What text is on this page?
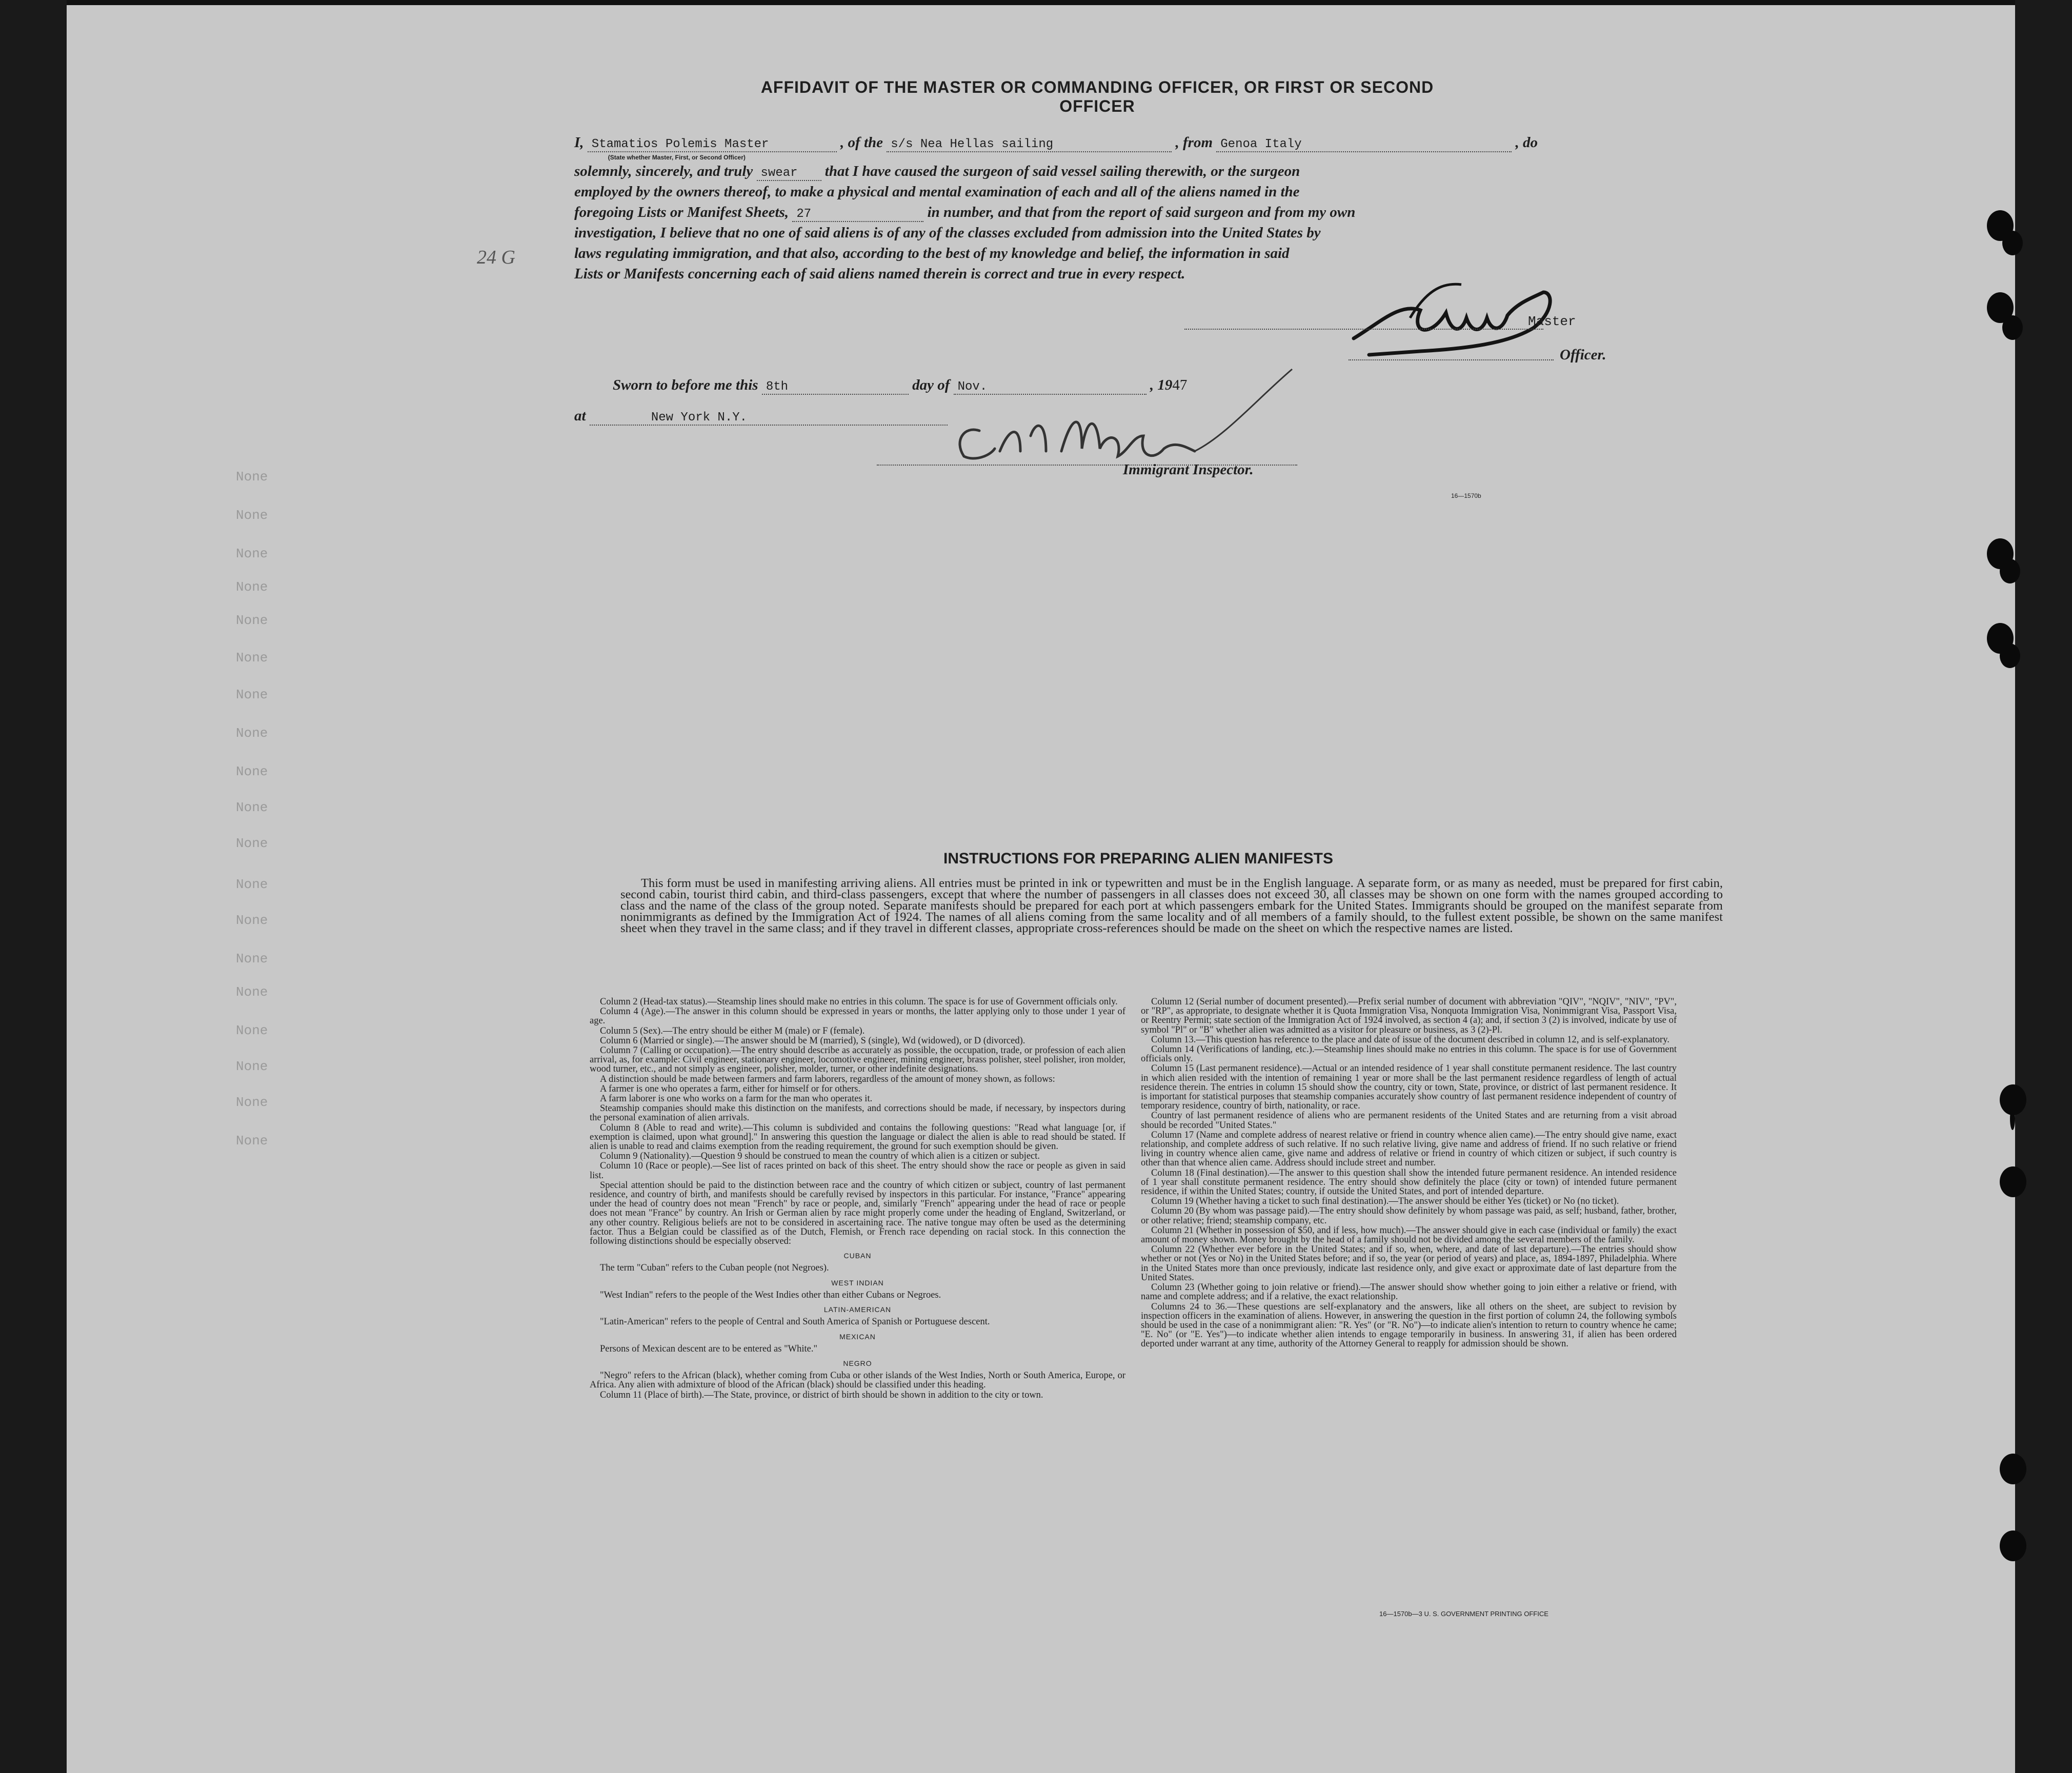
AFFIDAVIT OF THE MASTER OR COMMANDING OFFICER, OR FIRST OR SECOND OFFICER
I, Stamatios Polemis Master
(State whether Master, First, or Second Officer)
, of the s/s Nea Hellas sailing	, from Genoa Italy	, do
solemnly, sincerely, and truly swear that I have caused the surgeon of said vessel sailing therewith, or the surgeon
employed by the owners thereof, to make a physical and mental examination of each and all of the aliens named in the
foregoing Lists or Manifest Sheets, 27	in number, and that from the report of said surgeon and from my own
investigation, I believe that no one of said aliens is of any of the classes excluded from admission into the United States by
laws regulating immigration, and that also, according to the best of my knowledge and belief, the information in said
Lists or Manifests concerning each of said aliens named therein is correct and true in every respect.
24 G
Master
Officer.
Sworn to before me this 8th	day of Nov.	, 1947
at	New York N.Y.
Immigrant Inspector.
16—1570b
None
None
None
None
None
None
None
None
None
None
None
None
None
None
None
None
None
None
None
INSTRUCTIONS FOR PREPARING ALIEN MANIFESTS
This form must be used in manifesting arriving aliens. All entries must be printed in ink or typewritten and must be in the English language. A separate form, or as many as needed, must be prepared for first cabin, second cabin, tourist third cabin, and third-class passengers, except that where the number of passengers in all classes does not exceed 30, all classes may be shown on one form with the names grouped according to class and the name of the class of the group noted. Separate manifests should be prepared for each port at which passengers embark for the United States. Immigrants should be grouped on the manifest separate from nonimmigrants as defined by the Immigration Act of 1924. The names of all aliens coming from the same locality and of all members of a family should, to the fullest extent possible, be shown on the same manifest sheet when they travel in the same class; and if they travel in different classes, appropriate cross-references should be made on the sheet on which the respective names are listed.

Column 2 (Head-tax status).—Steamship lines should make no entries in this column. The space is for use of Government officials only.

Column 4 (Age).—The answer in this column should be expressed in years or months, the latter applying only to those under 1 year of age.

Column 5 (Sex).—The entry should be either M (male) or F (female).

Column 6 (Married or single).—The answer should be M (married), S (single), Wd (widowed), or D (divorced).

Column 7 (Calling or occupation).—The entry should describe as accurately as possible, the occupation, trade, or profession of each alien arrival, as, for example: Civil engineer, stationary engineer, locomotive engineer, mining engineer, brass polisher, steel polisher, iron molder, wood turner, etc., and not simply as engineer, polisher, molder, turner, or other indefinite designations.

A distinction should be made between farmers and farm laborers, regardless of the amount of money shown, as follows:

A farmer is one who operates a farm, either for himself or for others.

A farm laborer is one who works on a farm for the man who operates it.

Steamship companies should make this distinction on the manifests, and corrections should be made, if necessary, by inspectors during the personal examination of alien arrivals.

Column 8 (Able to read and write).—This column is subdivided and contains the following questions: "Read what language [or, if exemption is claimed, upon what ground]." In answering this question the language or dialect the alien is able to read should be stated. If alien is unable to read and claims exemption from the reading requirement, the ground for such exemption should be given.

Column 9 (Nationality).—Question 9 should be construed to mean the country of which alien is a citizen or subject.

Column 10 (Race or people).—See list of races printed on back of this sheet. The entry should show the race or people as given in said list.

Special attention should be paid to the distinction between race and the country of which citizen or subject, country of last permanent residence, and country of birth, and manifests should be carefully revised by inspectors in this particular. For instance, "France" appearing under the head of country does not mean "French" by race or people, and, similarly "French" appearing under the head of race or people does not mean "France" by country. An Irish or German alien by race might properly come under the heading of England, Switzerland, or any other country. Religious beliefs are not to be considered in ascertaining race. The native tongue may often be used as the determining factor. Thus a Belgian could be classified as of the Dutch, Flemish, or French race depending on racial stock. In this connection the following distinctions should be especially observed:

CUBAN

The term "Cuban" refers to the Cuban people (not Negroes).

WEST INDIAN

"West Indian" refers to the people of the West Indies other than either Cubans or Negroes.

LATIN-AMERICAN

"Latin-American" refers to the people of Central and South America of Spanish or Portuguese descent.

MEXICAN

Persons of Mexican descent are to be entered as "White."

NEGRO

"Negro" refers to the African (black), whether coming from Cuba or other islands of the West Indies, North or South America, Europe, or Africa. Any alien with admixture of blood of the African (black) should be classified under this heading.

Column 11 (Place of birth).—The State, province, or district of birth should be shown in addition to the city or town.

Column 12 (Serial number of document presented).—Prefix serial number of document with abbreviation "QIV", "NQIV", "NIV", "PV", or "RP", as appropriate, to designate whether it is Quota Immigration Visa, Nonquota Immigration Visa, Nonimmigrant Visa, Passport Visa, or Reentry Permit; state section of the Immigration Act of 1924 involved, as section 4 (a); and, if section 3 (2) is involved, indicate by use of symbol "Pl" or "B" whether alien was admitted as a visitor for pleasure or business, as 3 (2)-Pl.

Column 13.—This question has reference to the place and date of issue of the document described in column 12, and is self-explanatory.

Column 14 (Verifications of landing, etc.).—Steamship lines should make no entries in this column. The space is for use of Government officials only.

Column 15 (Last permanent residence).—Actual or an intended residence of 1 year shall constitute permanent residence. The last country in which alien resided with the intention of remaining 1 year or more shall be the last permanent residence regardless of length of actual residence therein. The entries in column 15 should show the country, city or town, State, province, or district of last permanent residence. It is important for statistical purposes that steamship companies accurately show country of last permanent residence independent of country of temporary residence, country of birth, nationality, or race.

Country of last permanent residence of aliens who are permanent residents of the United States and are returning from a visit abroad should be recorded "United States."

Column 17 (Name and complete address of nearest relative or friend in country whence alien came).—The entry should give name, exact relationship, and complete address of such relative. If no such relative living, give name and address of friend. If no such relative or friend living in country whence alien came, give name and address of relative or friend in country of which citizen or subject, if such country is other than that whence alien came. Address should include street and number.

Column 18 (Final destination).—The answer to this question shall show the intended future permanent residence. An intended residence of 1 year shall constitute permanent residence. The entry should show definitely the place (city or town) of intended future permanent residence, if within the United States; country, if outside the United States, and port of intended departure.

Column 19 (Whether having a ticket to such final destination).—The answer should be either Yes (ticket) or No (no ticket).

Column 20 (By whom was passage paid).—The entry should show definitely by whom passage was paid, as self; husband, father, brother, or other relative; friend; steamship company, etc.

Column 21 (Whether in possession of $50, and if less, how much).—The answer should give in each case (individual or family) the exact amount of money shown. Money brought by the head of a family should not be divided among the several members of the family.

Column 22 (Whether ever before in the United States; and if so, when, where, and date of last departure).—The entries should show whether or not (Yes or No) in the United States before; and if so, the year (or period of years) and place, as, 1894-1897, Philadelphia. Where in the United States more than once previously, indicate last residence only, and give exact or approximate date of last departure from the United States.

Column 23 (Whether going to join relative or friend).—The answer should show whether going to join either a relative or friend, with name and complete address; and if a relative, the exact relationship.

Columns 24 to 36.—These questions are self-explanatory and the answers, like all others on the sheet, are subject to revision by inspection officers in the examination of aliens. However, in answering the question in the first portion of column 24, the following symbols should be used in the case of a nonimmigrant alien: "R. Yes" (or "R. No")—to indicate alien's intention to return to country whence he came; "E. No" (or "E. Yes")—to indicate whether alien intends to engage temporarily in business. In answering 31, if alien has been ordered deported under warrant at any time, authority of the Attorney General to reapply for admission should be shown.

16—1570b—3 U. S. GOVERNMENT PRINTING OFFICE
